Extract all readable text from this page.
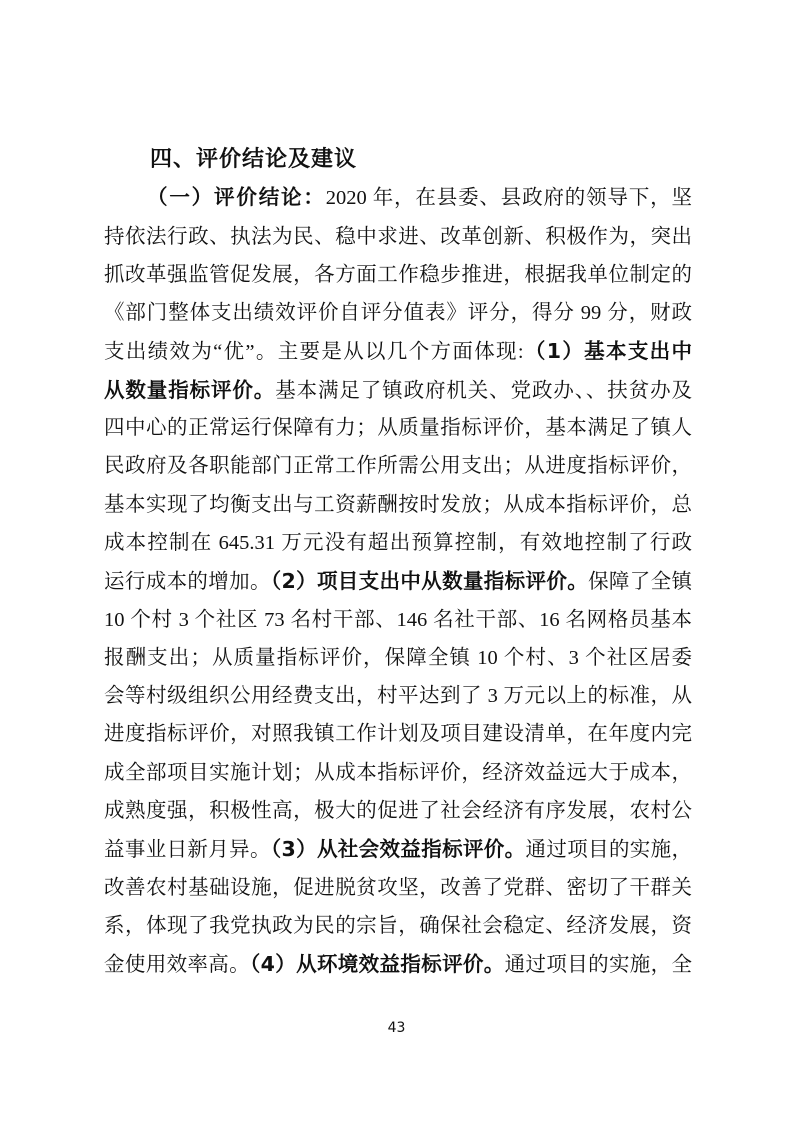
四、评价结论及建议
（一）评价结论：2020 年，在县委、县政府的领导下，坚
持依法行政、执法为民、稳中求进、改革创新、积极作为，突出
抓改革强监管促发展，各方面工作稳步推进，根据我单位制定的
《部门整体支出绩效评价自评分值表》评分，得分 99 分，财政
支出绩效为“优”。主要是从以几个方面体现:（1）基本支出中
从数量指标评价。基本满足了镇政府机关、党政办、、扶贫办及
四中心的正常运行保障有力；从质量指标评价，基本满足了镇人
民政府及各职能部门正常工作所需公用支出；从进度指标评价，
基本实现了均衡支出与工资薪酬按时发放；从成本指标评价，总
成本控制在 645.31 万元没有超出预算控制，有效地控制了行政
运行成本的增加。（2）项目支出中从数量指标评价。保障了全镇
10 个村 3 个社区 73 名村干部、146 名社干部、16 名网格员基本
报酬支出；从质量指标评价，保障全镇 10 个村、3 个社区居委
会等村级组织公用经费支出，村平达到了 3 万元以上的标准，从
进度指标评价，对照我镇工作计划及项目建设清单，在年度内完
成全部项目实施计划；从成本指标评价，经济效益远大于成本，
成熟度强，积极性高，极大的促进了社会经济有序发展，农村公
益事业日新月异。（3）从社会效益指标评价。通过项目的实施，
改善农村基础设施，促进脱贫攻坚，改善了党群、密切了干群关
系，体现了我党执政为民的宗旨，确保社会稳定、经济发展，资
金使用效率高。（4）从环境效益指标评价。通过项目的实施，全
43
